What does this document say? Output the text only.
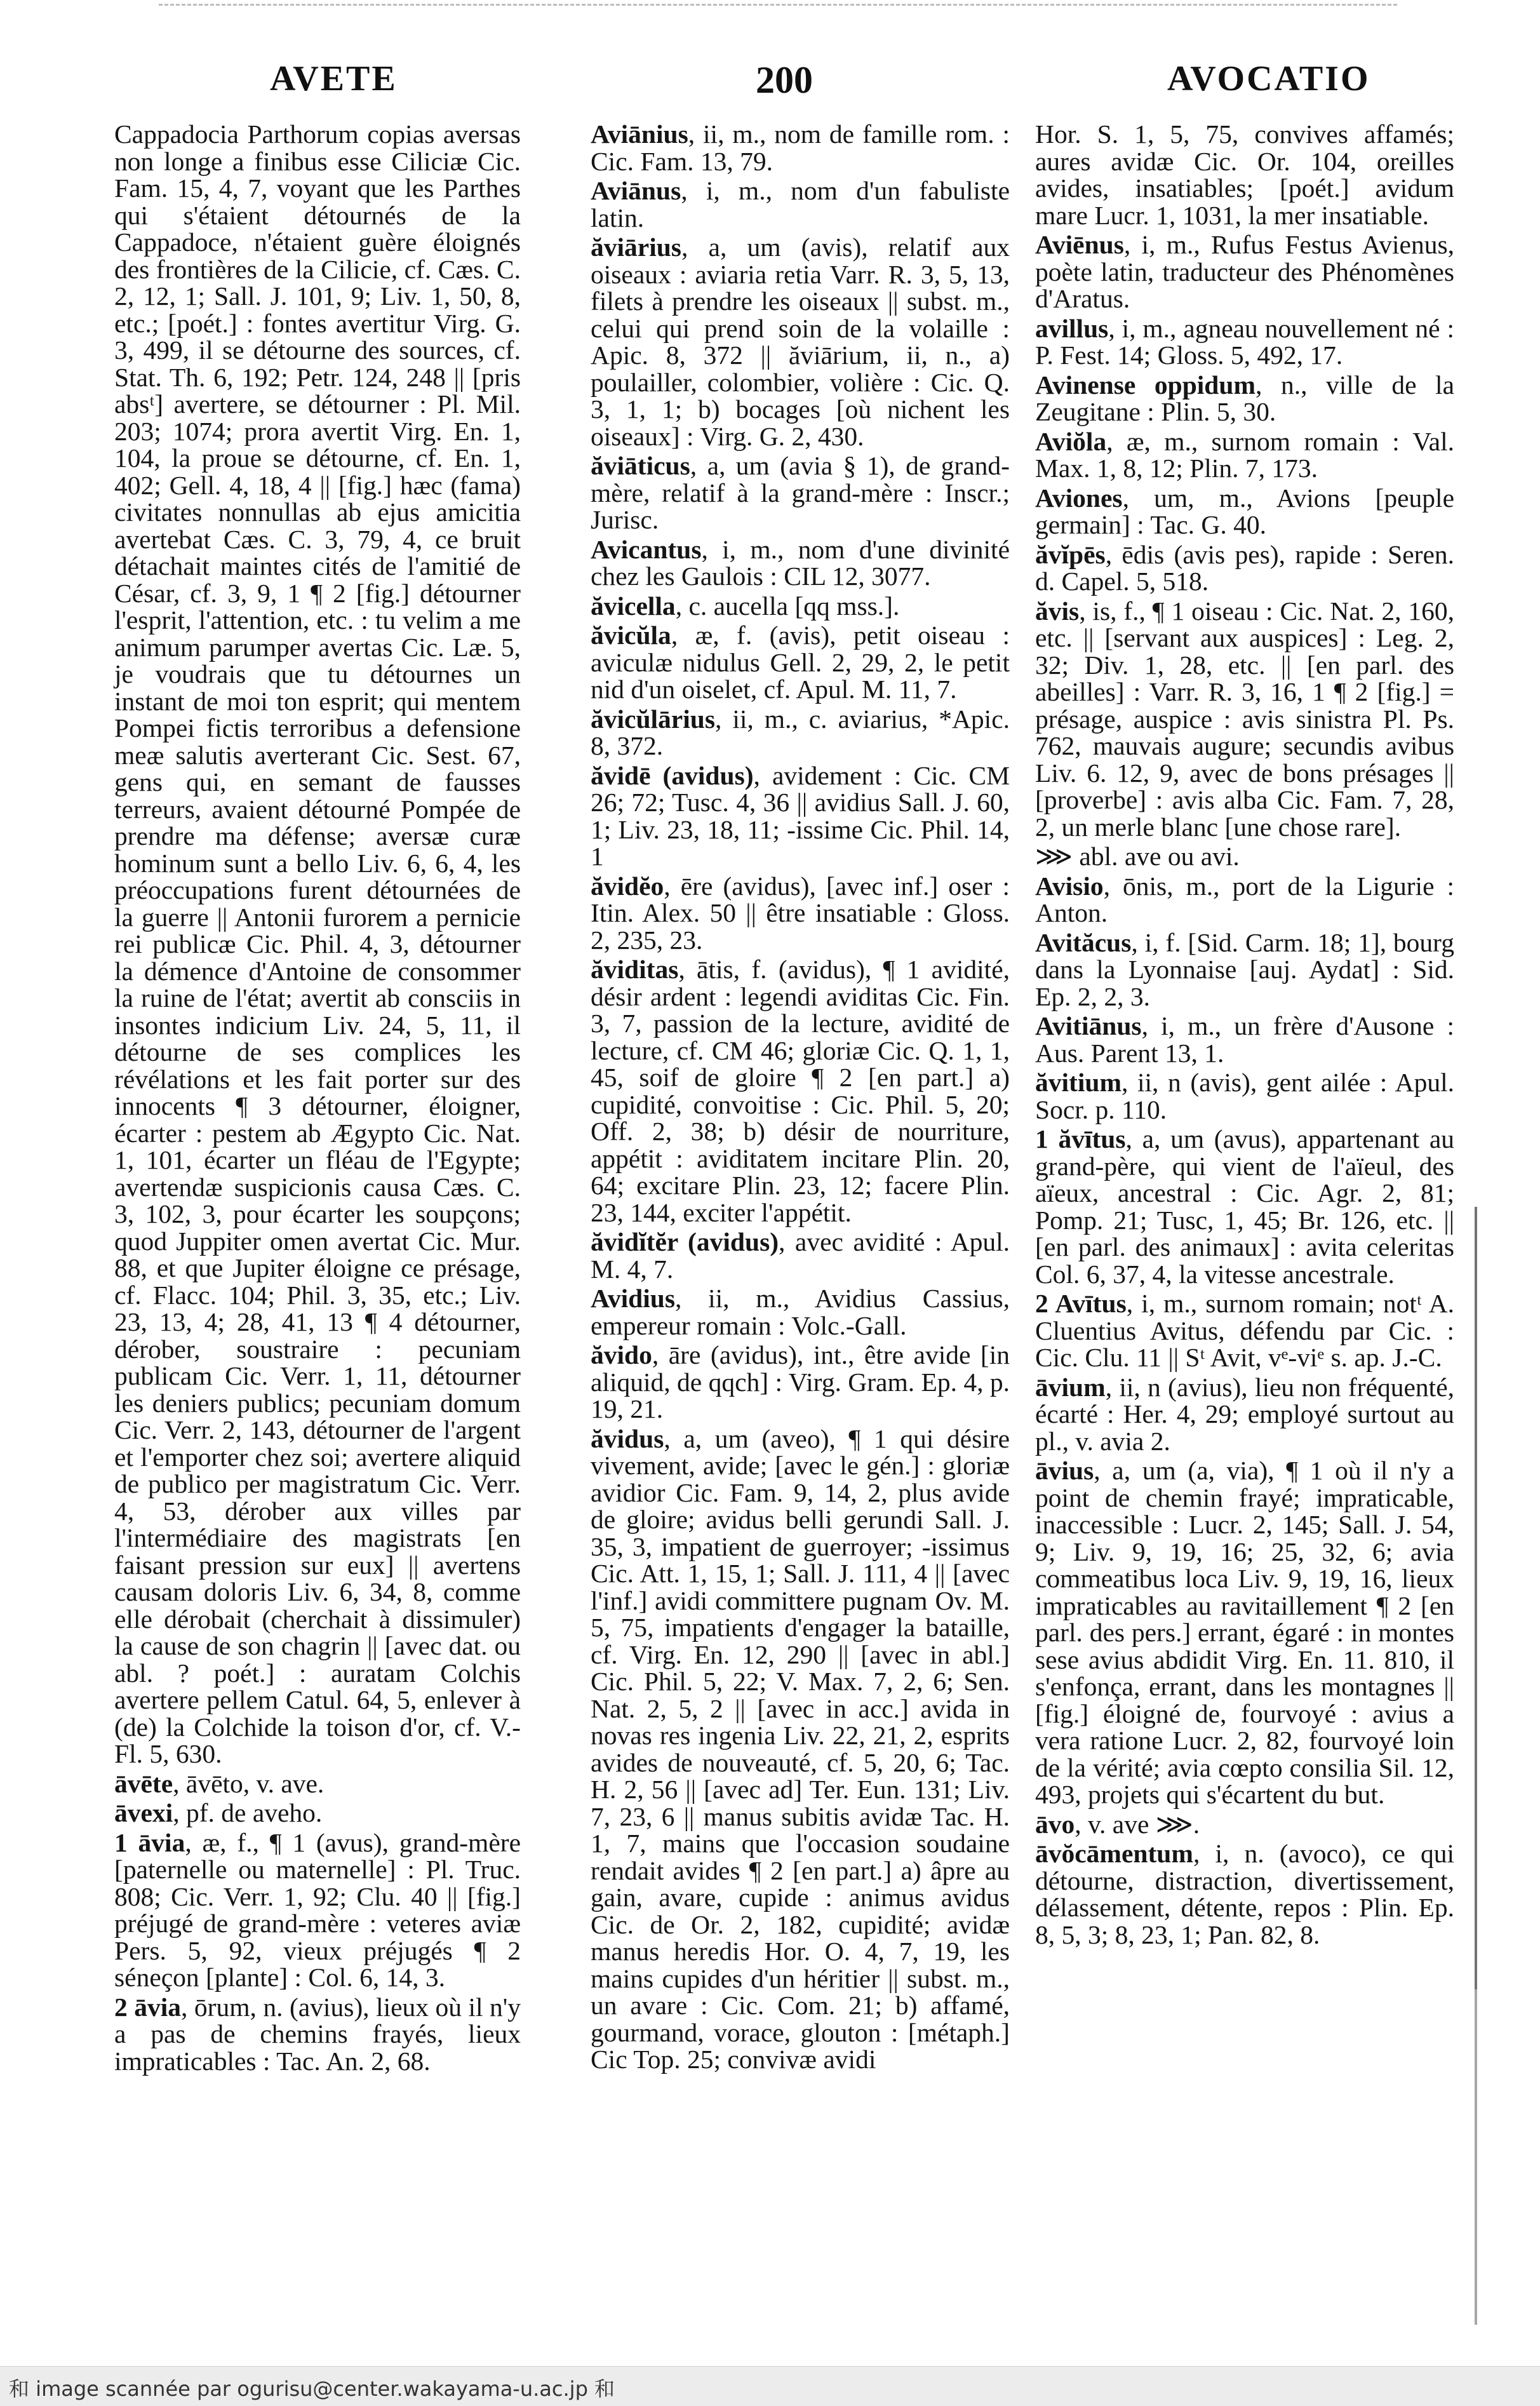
AVETE	200	AVOCATIO

Cappadocia Parthorum copias aversas non longe a finibus esse Ciliciæ Cic. Fam. 15, 4, 7, voyant que les Parthes qui s'étaient détournés de la Cappadoce, n'étaient guère éloignés des frontières de la Cilicie, cf. Cæs. C. 2, 12, 1; Sall. J. 101, 9; Liv. 1, 50, 8, etc.; [poét.] : fontes avertitur Virg. G. 3, 499, il se détourne des sources, cf. Stat. Th. 6, 192; Petr. 124, 248 || [pris absᵗ] avertere, se détourner : Pl. Mil. 203; 1074; prora avertit Virg. En. 1, 104, la proue se détourne, cf. En. 1, 402; Gell. 4, 18, 4 || [fig.] hæc (fama) civitates nonnullas ab ejus amicitia avertebat Cæs. C. 3, 79, 4, ce bruit détachait maintes cités de l'amitié de César, cf. 3, 9, 1 ¶ 2 [fig.] détourner l'esprit, l'attention, etc. : tu velim a me animum parumper avertas Cic. Læ. 5, je voudrais que tu détournes un instant de moi ton esprit; qui mentem Pompei fictis terroribus a defensione meæ salutis averterant Cic. Sest. 67, gens qui, en semant de fausses terreurs, avaient détourné Pompée de prendre ma défense; aversæ curæ hominum sunt a bello Liv. 6, 6, 4, les préoccupations furent détournées de la guerre || Antonii furorem a pernicie rei publicæ Cic. Phil. 4, 3, détourner la démence d'Antoine de consommer la ruine de l'état; avertit ab consciis in insontes indicium Liv. 24, 5, 11, il détourne de ses complices les révélations et les fait porter sur des innocents ¶ 3 détourner, éloigner, écarter : pestem ab Ægypto Cic. Nat. 1, 101, écarter un fléau de l'Egypte; avertendæ suspicionis causa Cæs. C. 3, 102, 3, pour écarter les soupçons; quod Juppiter omen avertat Cic. Mur. 88, et que Jupiter éloigne ce présage, cf. Flacc. 104; Phil. 3, 35, etc.; Liv. 23, 13, 4; 28, 41, 13 ¶ 4 détourner, dérober, soustraire : pecuniam publicam Cic. Verr. 1, 11, détourner les deniers publics; pecuniam domum Cic. Verr. 2, 143, détourner de l'argent et l'emporter chez soi; avertere aliquid de publico per magistratum Cic. Verr. 4, 53, dérober aux villes par l'intermédiaire des magistrats [en faisant pression sur eux] || avertens causam doloris Liv. 6, 34, 8, comme elle dérobait (cherchait à dissimuler) la cause de son chagrin || [avec dat. ou abl. ? poét.] : auratam Colchis avertere pellem Catul. 64, 5, enlever à (de) la Colchide la toison d'or, cf. V.-Fl. 5, 630.

āvēte, āvēto, v. ave.

āvexi, pf. de aveho.

1 āvia, æ, f., ¶ 1 (avus), grand-mère [paternelle ou maternelle] : Pl. Truc. 808; Cic. Verr. 1, 92; Clu. 40 || [fig.] préjugé de grand-mère : veteres aviæ Pers. 5, 92, vieux préjugés ¶ 2 séneçon [plante] : Col. 6, 14, 3.

2 āvia, ōrum, n. (avius), lieux où il n'y a pas de chemins frayés, lieux impraticables : Tac. An. 2, 68.

Aviānius, ii, m., nom de famille rom. : Cic. Fam. 13, 79.

Aviānus, i, m., nom d'un fabuliste latin.

ăviārius, a, um (avis), relatif aux oiseaux : aviaria retia Varr. R. 3, 5, 13, filets à prendre les oiseaux || subst. m., celui qui prend soin de la volaille : Apic. 8, 372 || ăviārium, ii, n., a) poulailler, colombier, volière : Cic. Q. 3, 1, 1; b) bocages [où nichent les oiseaux] : Virg. G. 2, 430.

ăviāticus, a, um (avia § 1), de grand-mère, relatif à la grand-mère : Inscr.; Jurisc.

Avicantus, i, m., nom d'une divinité chez les Gaulois : CIL 12, 3077.

ăvicella, c. aucella [qq mss.].

ăvicŭla, æ, f. (avis), petit oiseau : aviculæ nidulus Gell. 2, 29, 2, le petit nid d'un oiselet, cf. Apul. M. 11, 7.

ăvicŭlārius, ii, m., c. aviarius, *Apic. 8, 372.

ăvidē (avidus), avidement : Cic. CM 26; 72; Tusc. 4, 36 || avidius Sall. J. 60, 1; Liv. 23, 18, 11; -issime Cic. Phil. 14, 1

ăvidĕo, ēre (avidus), [avec inf.] oser : Itin. Alex. 50 || être insatiable : Gloss. 2, 235, 23.

ăviditas, ātis, f. (avidus), ¶ 1 avidité, désir ardent : legendi aviditas Cic. Fin. 3, 7, passion de la lecture, avidité de lecture, cf. CM 46; gloriæ Cic. Q. 1, 1, 45, soif de gloire ¶ 2 [en part.] a) cupidité, convoitise : Cic. Phil. 5, 20; Off. 2, 38; b) désir de nourriture, appétit : aviditatem incitare Plin. 20, 64; excitare Plin. 23, 12; facere Plin. 23, 144, exciter l'appétit.

ăvidĭtĕr (avidus), avec avidité : Apul. M. 4, 7.

Avidius, ii, m., Avidius Cassius, empereur romain : Volc.-Gall.

ăvido, āre (avidus), int., être avide [in aliquid, de qqch] : Virg. Gram. Ep. 4, p. 19, 21.

ăvidus, a, um (aveo), ¶ 1 qui désire vivement, avide; [avec le gén.] : gloriæ avidior Cic. Fam. 9, 14, 2, plus avide de gloire; avidus belli gerundi Sall. J. 35, 3, impatient de guerroyer; -issimus Cic. Att. 1, 15, 1; Sall. J. 111, 4 || [avec l'inf.] avidi committere pugnam Ov. M. 5, 75, impatients d'engager la bataille, cf. Virg. En. 12, 290 || [avec in abl.] Cic. Phil. 5, 22; V. Max. 7, 2, 6; Sen. Nat. 2, 5, 2 || [avec in acc.] avida in novas res ingenia Liv. 22, 21, 2, esprits avides de nouveauté, cf. 5, 20, 6; Tac. H. 2, 56 || [avec ad] Ter. Eun. 131; Liv. 7, 23, 6 || manus subitis avidæ Tac. H. 1, 7, mains que l'occasion soudaine rendait avides ¶ 2 [en part.] a) âpre au gain, avare, cupide : animus avidus Cic. de Or. 2, 182, cupidité; avidæ manus heredis Hor. O. 4, 7, 19, les mains cupides d'un héritier || subst. m., un avare : Cic. Com. 21; b) affamé, gourmand, vorace, glouton : [métaph.] Cic Top. 25; convivæ avidi

Hor. S. 1, 5, 75, convives affamés; aures avidæ Cic. Or. 104, oreilles avides, insatiables; [poét.] avidum mare Lucr. 1, 1031, la mer insatiable.

Aviēnus, i, m., Rufus Festus Avienus, poète latin, traducteur des Phénomènes d'Aratus.

avillus, i, m., agneau nouvellement né : P. Fest. 14; Gloss. 5, 492, 17.

Avinense oppidum, n., ville de la Zeugitane : Plin. 5, 30.

Aviŏla, æ, m., surnom romain : Val. Max. 1, 8, 12; Plin. 7, 173.

Aviones, um, m., Avions [peuple germain] : Tac. G. 40.

ăvĭpēs, ēdis (avis pes), rapide : Seren. d. Capel. 5, 518.

ăvis, is, f., ¶ 1 oiseau : Cic. Nat. 2, 160, etc. || [servant aux auspices] : Leg. 2, 32; Div. 1, 28, etc. || [en parl. des abeilles] : Varr. R. 3, 16, 1 ¶ 2 [fig.] = présage, auspice : avis sinistra Pl. Ps. 762, mauvais augure; secundis avibus Liv. 6. 12, 9, avec de bons présages || [proverbe] : avis alba Cic. Fam. 7, 28, 2, un merle blanc [une chose rare].

⋙ abl. ave ou avi.

Avisio, ōnis, m., port de la Ligurie : Anton.

Avităcus, i, f. [Sid. Carm. 18; 1], bourg dans la Lyonnaise [auj. Aydat] : Sid. Ep. 2, 2, 3.

Avitiānus, i, m., un frère d'Ausone : Aus. Parent 13, 1.

ăvitium, ii, n (avis), gent ailée : Apul. Socr. p. 110.

1 ăvītus, a, um (avus), appartenant au grand-père, qui vient de l'aïeul, des aïeux, ancestral : Cic. Agr. 2, 81; Pomp. 21; Tusc, 1, 45; Br. 126, etc. || [en parl. des animaux] : avita celeritas Col. 6, 37, 4, la vitesse ancestrale.

2 Avītus, i, m., surnom romain; notᵗ A. Cluentius Avitus, défendu par Cic. : Cic. Clu. 11 || Sᵗ Avit, vᵉ-viᵉ s. ap. J.-C.

āvium, ii, n (avius), lieu non fréquenté, écarté : Her. 4, 29; employé surtout au pl., v. avia 2.

āvius, a, um (a, via), ¶ 1 où il n'y a point de chemin frayé; impraticable, inaccessible : Lucr. 2, 145; Sall. J. 54, 9; Liv. 9, 19, 16; 25, 32, 6; avia commeatibus loca Liv. 9, 19, 16, lieux impraticables au ravitaillement ¶ 2 [en parl. des pers.] errant, égaré : in montes sese avius abdidit Virg. En. 11. 810, il s'enfonça, errant, dans les montagnes || [fig.] éloigné de, fourvoyé : avius a vera ratione Lucr. 2, 82, fourvoyé loin de la vérité; avia cœpto consilia Sil. 12, 493, projets qui s'écartent du but.

āvo, v. ave ⋙.

āvŏcāmentum, i, n. (avoco), ce qui détourne, distraction, divertissement, délassement, détente, repos : Plin. Ep. 8, 5, 3; 8, 23, 1; Pan. 82, 8.

和 image scannée par ogurisu@center.wakayama-u.ac.jp 和
